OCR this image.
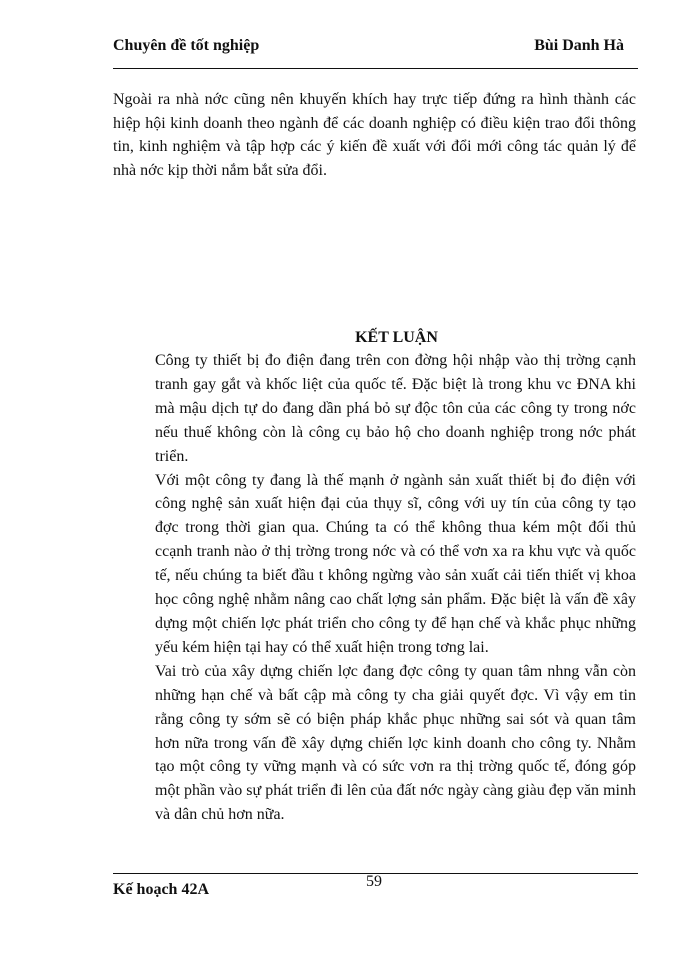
Chuyên đề tốt nghiệp	Bùi Danh Hà

Ngoài ra nhà nớc cũng nên khuyến khích hay trực tiếp đứng ra hình thành các hiệp hội kinh doanh theo ngành để các doanh nghiệp có điều kiện trao đổi thông tin, kinh nghiệm và tập hợp các ý kiến đề xuất với đổi mới công tác quản lý để nhà nớc kịp thời nắm bắt sửa đổi.

KẾT LUẬN

Công ty thiết bị đo điện đang trên con đờng hội nhập vào thị trờng cạnh tranh gay gắt và khốc liệt của quốc tế. Đặc biệt là trong khu vc ĐNA khi mà mậu dịch tự do đang dần phá bỏ sự độc tôn của các công ty trong nớc nếu thuế không còn là công cụ bảo hộ cho doanh nghiệp trong nớc phát triển.

Với một công ty đang là thế mạnh ở ngành sản xuất thiết bị đo điện với công nghệ sản xuất hiện đại của thụy sĩ, công với uy tín của công ty tạo đợc trong thời gian qua. Chúng ta có thể không thua kém một đối thủ ccạnh tranh nào ở thị trờng trong nớc và có thể vơn xa ra khu vực và quốc tế, nếu chúng ta biết đầu t không ngừng vào sản xuất cải tiến thiết vị khoa học công nghệ nhằm nâng cao chất lợng sản phẩm. Đặc biệt là vấn đề xây dựng một chiến lợc phát triển cho công ty để hạn chế và khắc phục những yếu kém hiện tại hay có thể xuất hiện trong tơng lai.

Vai trò của xây dựng chiến lợc đang đợc công ty quan tâm nhng vẫn còn những hạn chế và bất cập mà công ty cha giải quyết đợc. Vì vậy em tin rằng công ty sớm sẽ có biện pháp khắc phục những sai sót và quan tâm hơn nữa trong vấn đề xây dựng chiến lợc kinh doanh cho công ty. Nhằm tạo một công ty vững mạnh và có sức vơn ra thị trờng quốc tế, đóng góp một phần vào sự phát triển đi lên của đất nớc ngày càng giàu đẹp văn minh và dân chủ hơn nữa.

Kế hoạch 42A	59
